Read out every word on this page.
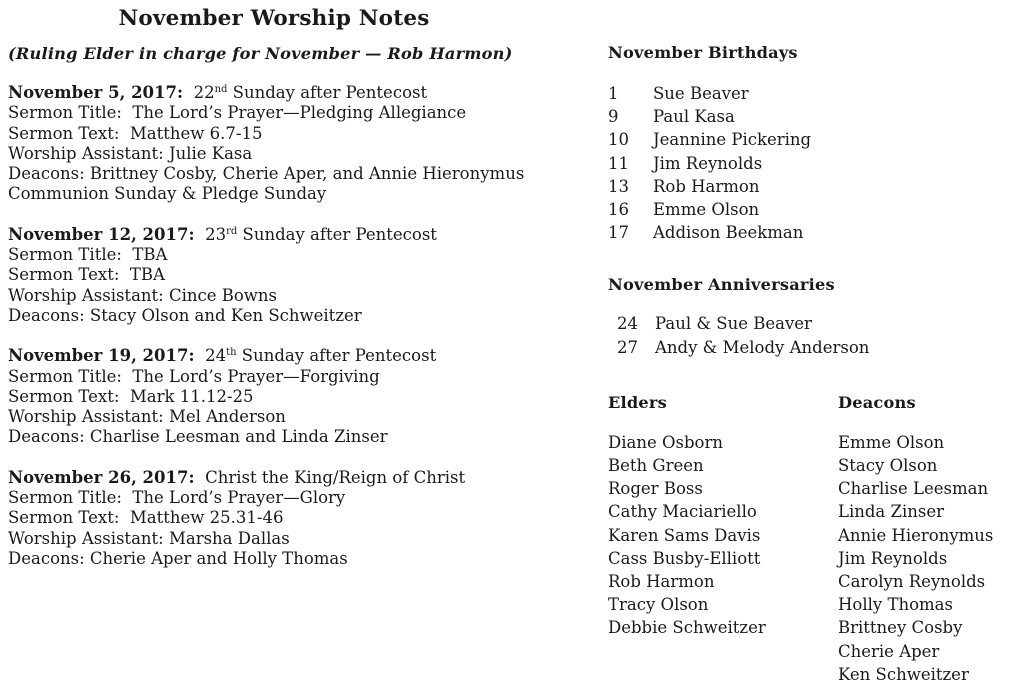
November Worship Notes
(Ruling Elder in charge for November — Rob Harmon)
November 5, 2017:  22nd Sunday after Pentecost
Sermon Title:  The Lord’s Prayer—Pledging Allegiance
Sermon Text:  Matthew 6.7-15
Worship Assistant: Julie Kasa
Deacons: Brittney Cosby, Cherie Aper, and Annie Hieronymus
Communion Sunday & Pledge Sunday
November 12, 2017:  23rd Sunday after Pentecost
Sermon Title:  TBA
Sermon Text:  TBA
Worship Assistant: Cince Bowns
Deacons: Stacy Olson and Ken Schweitzer
November 19, 2017:  24th Sunday after Pentecost
Sermon Title:  The Lord’s Prayer—Forgiving
Sermon Text:  Mark 11.12-25
Worship Assistant: Mel Anderson
Deacons: Charlise Leesman and Linda Zinser
November 26, 2017:  Christ the King/Reign of Christ
Sermon Title:  The Lord’s Prayer—Glory
Sermon Text:  Matthew 25.31-46
Worship Assistant: Marsha Dallas
Deacons: Cherie Aper and Holly Thomas
November Birthdays
1	Sue Beaver
9	Paul Kasa
10	Jeannine Pickering
11	Jim Reynolds
13	Rob Harmon
16	Emme Olson
17	Addison Beekman
November Anniversaries
24	Paul & Sue Beaver
27	Andy & Melody Anderson
Elders
Diane Osborn
Beth Green
Roger Boss
Cathy Maciariello
Karen Sams Davis
Cass Busby-Elliott
Rob Harmon
Tracy Olson
Debbie Schweitzer
Deacons
Emme Olson
Stacy Olson
Charlise Leesman
Linda Zinser
Annie Hieronymus
Jim Reynolds
Carolyn Reynolds
Holly Thomas
Brittney Cosby
Cherie Aper
Ken Schweitzer
